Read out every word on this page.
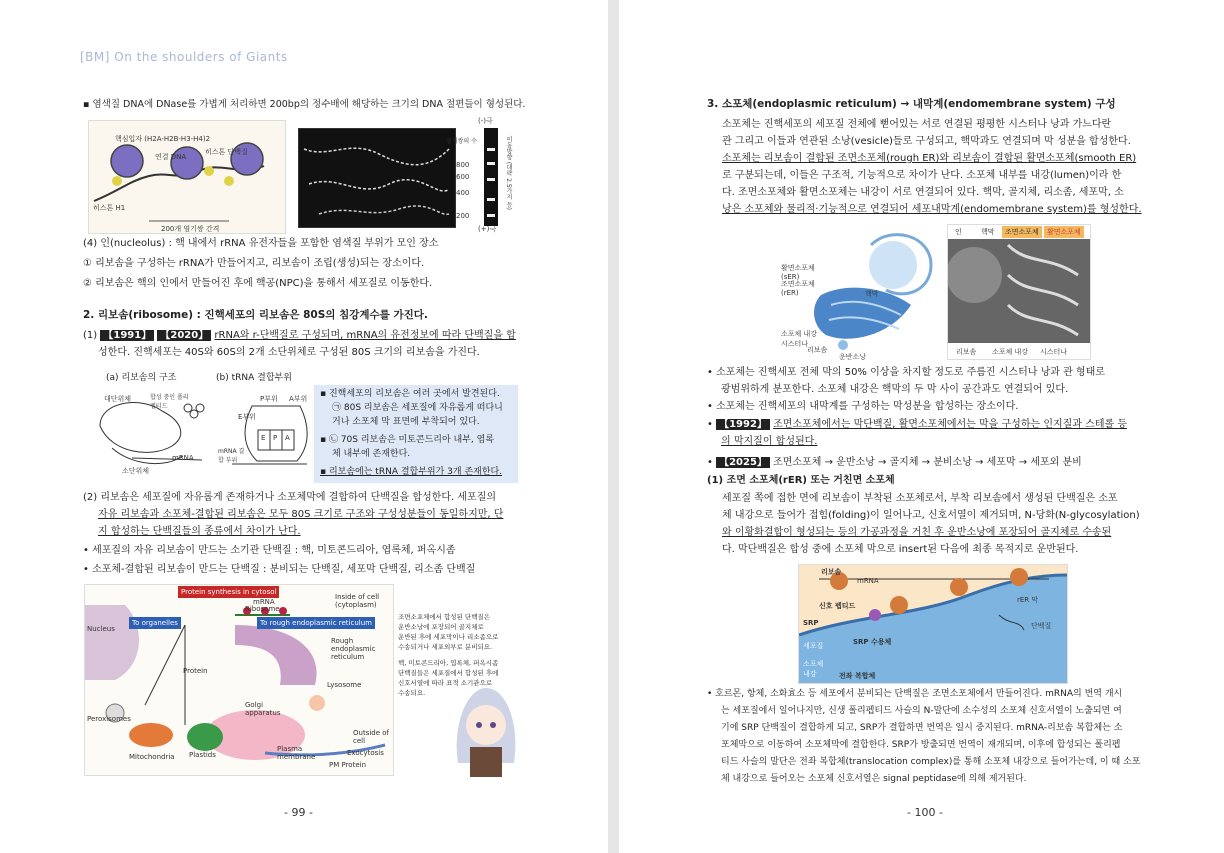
[BM] On the shoulders of Giants
▪ 염색질 DNA에 DNase를 가볍게 처리하면 200bp의 정수배에 해당하는 크기의 DNA 절편들이 형성된다.
핵심입자 (H2A-H2B-H3-H4)2
연결 DNA
히스톤 단백질
히스톤 H1
200개 염기쌍 간격
(-)극
800
600
400
200
(+)극
염기쌍의 수	이동방향 (대략 2.5가지 등)
(4) 인(nucleolus) : 핵 내에서 rRNA 유전자들을 포함한 염색질 부위가 모인 장소
① 리보솜을 구성하는 rRNA가 만들어지고, 리보솜이 조립(생성)되는 장소이다.
② 리보솜은 핵의 인에서 만들어진 후에 핵공(NPC)을 통해서 세포질로 이동한다.
2. 리보솜(ribosome) : 진핵세포의 리보솜은 80S의 침강계수를 가진다.
(1) 【1991】 【2020】 rRNA와 r-단백질로 구성되며, mRNA의 유전정보에 따라 단백질을 합
성한다. 진핵세포는 40S와 60S의 2개 소단위체로 구성된 80S 크기의 리보솜을 가진다.
(a) 리보솜의 구조	(b) tRNA 결합부위
대단위체	합성 중인 폴리펩티드
소단위체
mRNA
P부위 A부위
E부위
mRNA 결합 부위
E P A
▪ 진핵세포의 리보솜은 여러 곳에서 발견된다.
㉠ 80S 리보솜은 세포질에 자유롭게 떠다니
거나 소포체 막 표면에 부착되어 있다.
▪ ㉡ 70S 리보솜은 미토콘드리아 내부, 엽록
체 내부에 존재한다.
▪ 리보솜에는 tRNA 결합부위가 3개 존재한다.
(2) 리보솜은 세포질에 자유롭게 존재하거나 소포체막에 결합하여 단백질을 합성한다. 세포질의
자유 리보솜과 소포체-결합된 리보솜은 모두 80S 크기로 구조와 구성성분들이 동일하지만, 단
지 합성하는 단백질들의 종류에서 차이가 난다.
• 세포질의 자유 리보솜이 만드는 소기관 단백질 : 핵, 미토콘드리아, 엽록체, 퍼옥시좀
• 소포체-결합된 리보솜이 만드는 단백질 : 분비되는 단백질, 세포막 단백질, 리소좀 단백질
Protein synthesis in cytosol
To organelles	To rough endoplasmic reticulum
mRNA
Ribosome
Inside of cell (cytoplasm)
Nucleus
Protein
Rough endoplasmic reticulum
Peroxisomes
Mitochondria Plastids
Golgi apparatus
Lysosome
Outside of cell
Exocytosis
Plasma membrane
PM Protein
조면소포체에서 합성된 단백질은
운반소낭에 포장되어 골지체로
운반된 후에 세포막이나 리소좀으로
수송되거나 세포외부로 분비되요.
핵, 미토콘드리아, 엽록체, 퍼옥시좀
단백질들은 세포질에서 합성된 후에
신호서열에 따라 표적 소기관으로
수송되요.
- 99 -
3. 소포체(endoplasmic reticulum) → 내막계(endomembrane system) 구성
소포체는 진핵세포의 세포질 전체에 뻗어있는 서로 연결된 평평한 시스터나 낭과 가느다란
관 그리고 이들과 연관된 소낭(vesicle)들로 구성되고, 핵막과도 연결되며 막 성분을 합성한다.
소포체는 리보솜이 결합된 조면소포체(rough ER)와 리보솜이 결합된 활면소포체(smooth ER)
로 구분되는데, 이들은 구조적, 기능적으로 차이가 난다. 소포체 내부를 내강(lumen)이라 한
다. 조면소포체와 활면소포체는 내강이 서로 연결되어 있다. 핵막, 골지체, 리소좀, 세포막, 소
낭은 소포체와 물리적·기능적으로 연결되어 세포내막계(endomembrane system)를 형성한다.
활면소포체 (sER)
조면소포체 (rER)	핵막
소포체 내강 시스터나
리보솜
운반소낭
인	핵막	조면소포체	활면소포체
리보솜 소포체 내강 시스터나
• 소포체는 진핵세포 전체 막의 50% 이상을 차지할 정도로 주름진 시스터나 낭과 관 형태로
광범위하게 분포한다. 소포체 내강은 핵막의 두 막 사이 공간과도 연결되어 있다.
• 소포체는 진핵세포의 내막계를 구성하는 막성분을 합성하는 장소이다.
• 【1992】 조면소포체에서는 막단백질, 활면소포체에서는 막을 구성하는 인지질과 스테롤 등
의 막지질이 합성된다.
• 【2025】 조면소포체 → 운반소낭 → 골지체 → 분비소낭 → 세포막 → 세포외 분비
(1) 조면 소포체(rER) 또는 거친면 소포체
세포질 쪽에 접한 면에 리보솜이 부착된 소포체로서, 부착 리보솜에서 생성된 단백질은 소포
체 내강으로 들어가 접힘(folding)이 일어나고, 신호서열이 제거되며, N-당화(N-glycosylation)
와 이황화결합이 형성되는 등의 가공과정을 거친 후 운반소낭에 포장되어 골지체로 수송된
다. 막단백질은 합성 중에 소포체 막으로 insert된 다음에 최종 목적지로 운반된다.
리보솜
mRNA
신호 펩티드
SRP
SRP 수용체
세포질
소포체 내강	전좌 복합체
rER 막
단백질
• 호르몬, 항체, 소화효소 등 세포에서 분비되는 단백질은 조면소포체에서 만들어진다. mRNA의 번역 개시
는 세포질에서 일어나지만, 신생 폴리펩티드 사슬의 N-말단에 소수성의 소포체 신호서열이 노출되면 여
기에 SRP 단백질이 결합하게 되고, SRP가 결합하면 번역은 일시 중지된다. mRNA-리보솜 복합체는 소
포체막으로 이동하여 소포체막에 결합한다. SRP가 방출되면 번역이 재개되며, 이후에 합성되는 폴리펩
티드 사슬의 말단은 전좌 복합체(translocation complex)를 통해 소포체 내강으로 들어가는데, 이 때 소포
체 내강으로 들어오는 소포체 신호서열은 signal peptidase에 의해 제거된다.
- 100 -
